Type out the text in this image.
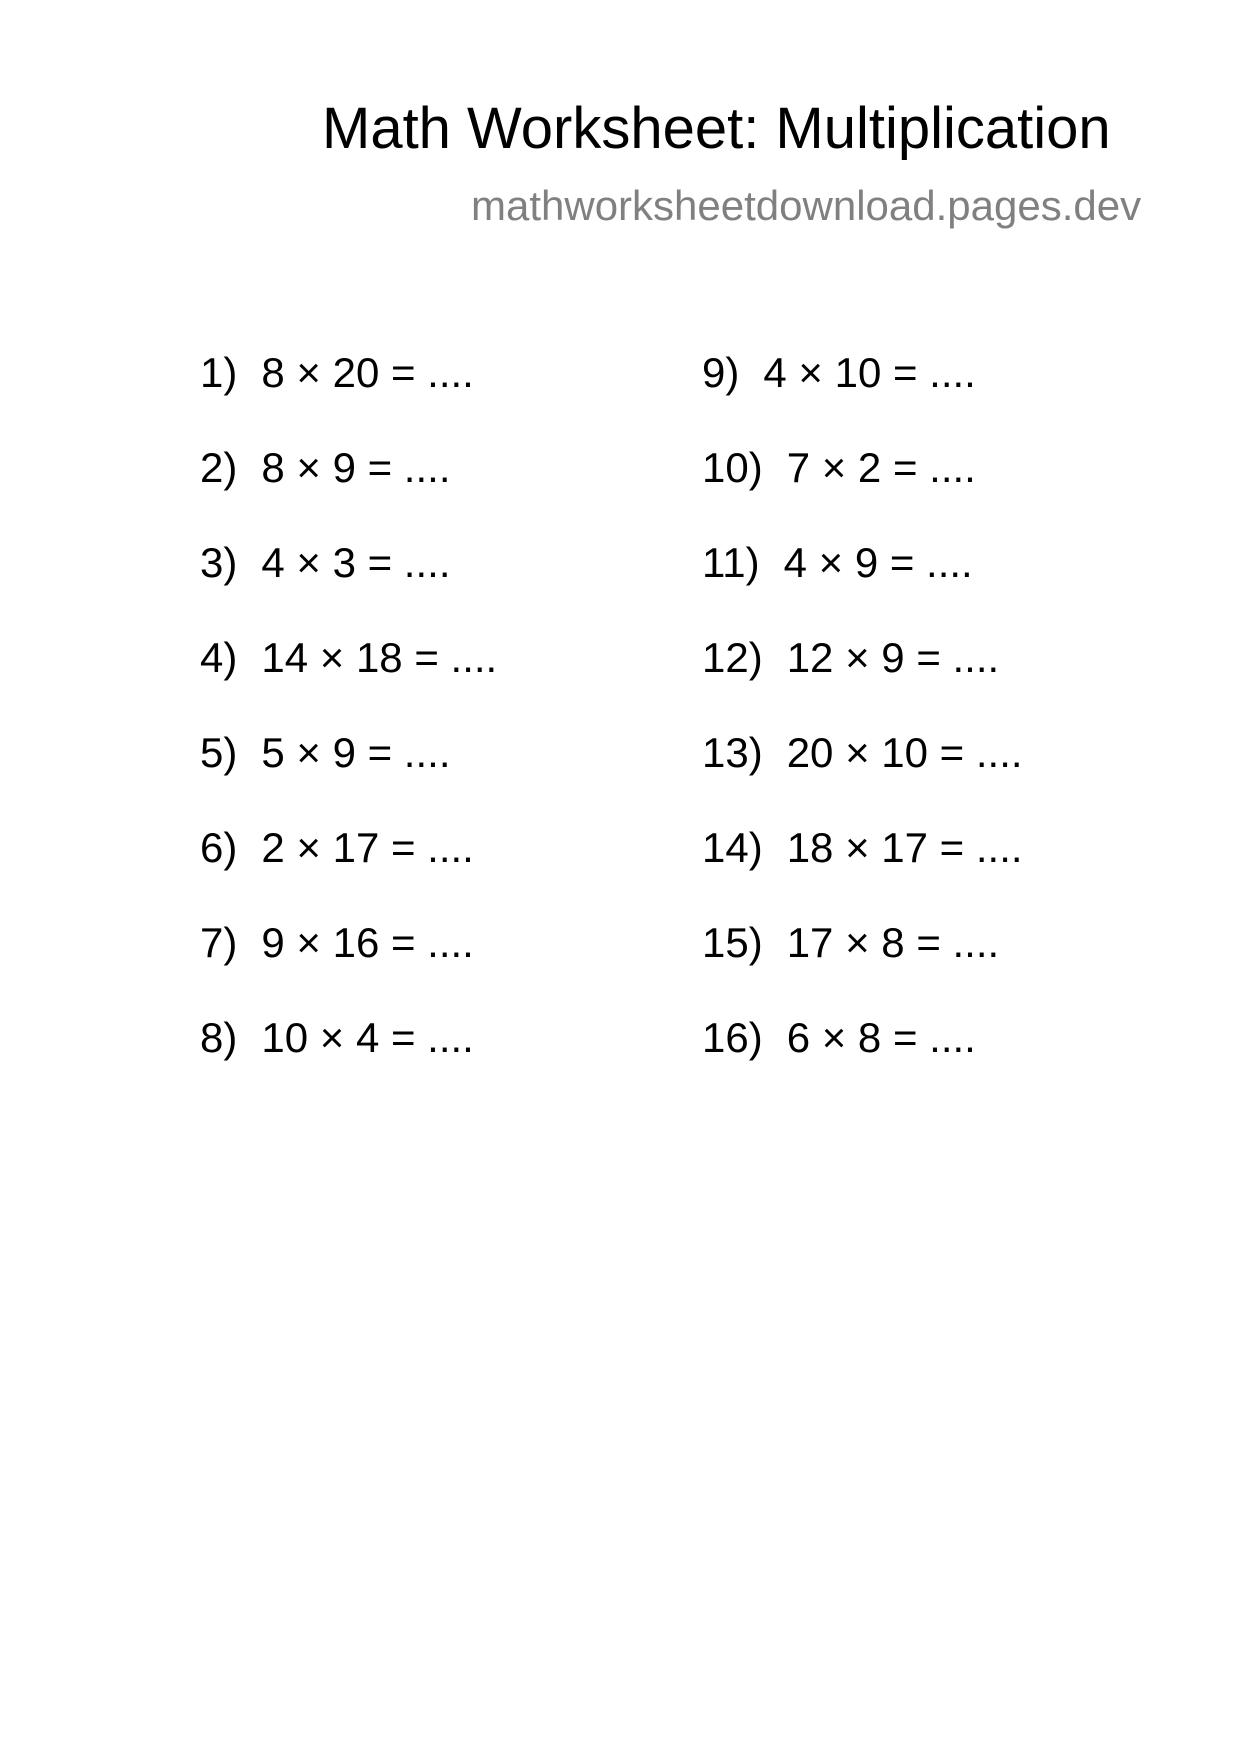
Math Worksheet: Multiplication
mathworksheetdownload.pages.dev
1) 8 × 20 = ....
2) 8 × 9 = ....
3) 4 × 3 = ....
4) 14 × 18 = ....
5) 5 × 9 = ....
6) 2 × 17 = ....
7) 9 × 16 = ....
8) 10 × 4 = ....
9) 4 × 10 = ....
10) 7 × 2 = ....
11) 4 × 9 = ....
12) 12 × 9 = ....
13) 20 × 10 = ....
14) 18 × 17 = ....
15) 17 × 8 = ....
16) 6 × 8 = ....
